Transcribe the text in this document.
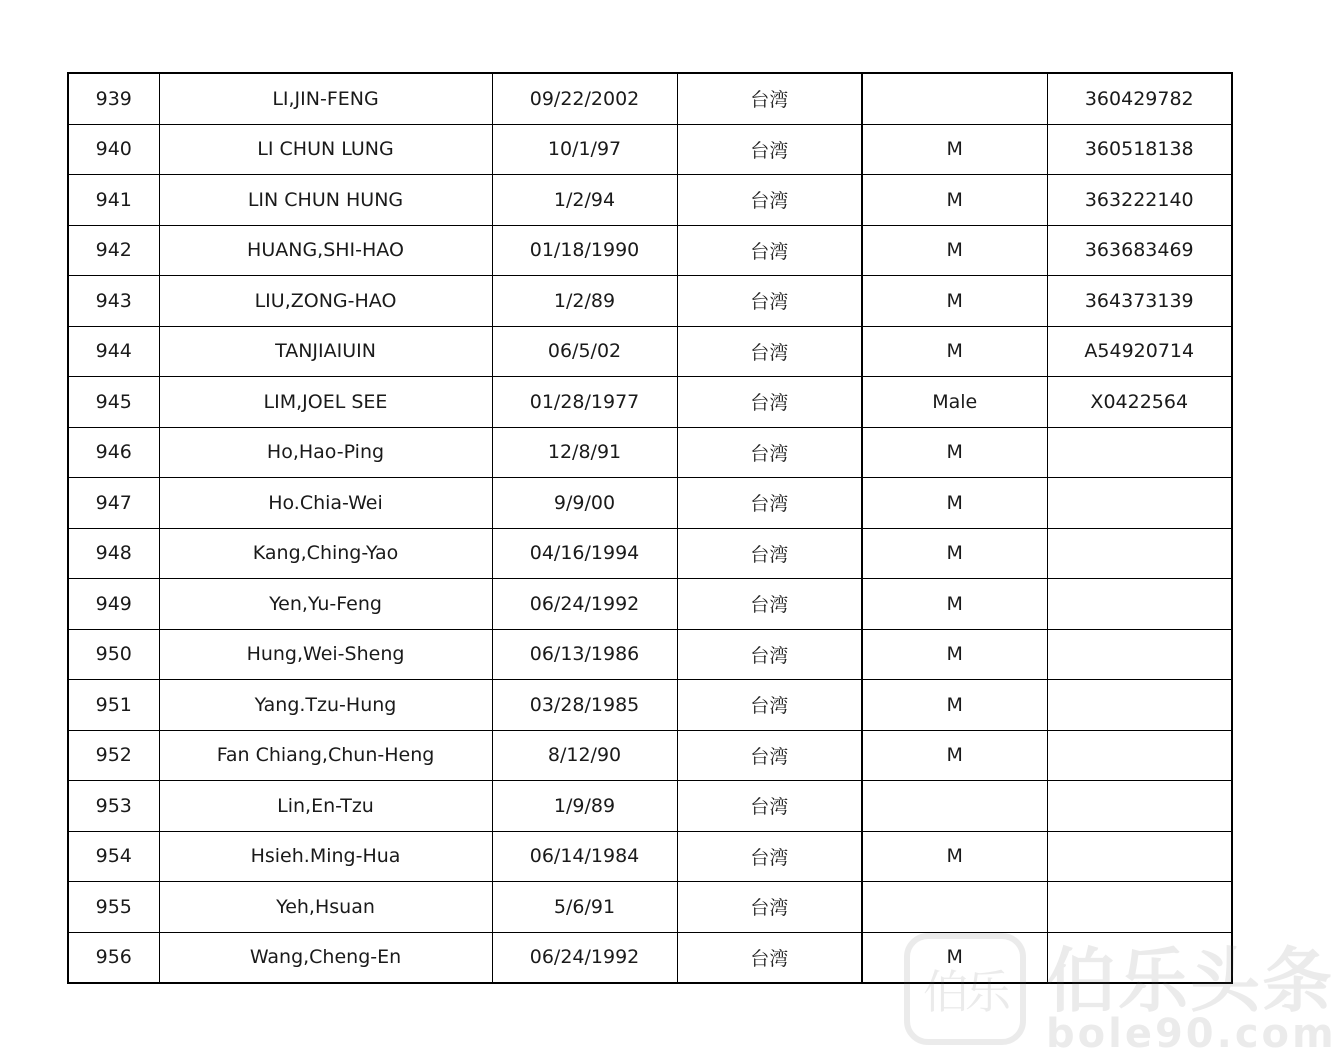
939	LI,JIN-FENG	09/22/2002	台湾		360429782
940	LI CHUN LUNG	10/1/97	台湾	M	360518138
941	LIN CHUN HUNG	1/2/94	台湾	M	363222140
942	HUANG,SHI-HAO	01/18/1990	台湾	M	363683469
943	LIU,ZONG-HAO	1/2/89	台湾	M	364373139
944	TANJIAIUIN	06/5/02	台湾	M	A54920714
945	LIM,JOEL SEE	01/28/1977	台湾	Male	X0422564
946	Ho,Hao-Ping	12/8/91	台湾	M	
947	Ho.Chia-Wei	9/9/00	台湾	M	
948	Kang,Ching-Yao	04/16/1994	台湾	M	
949	Yen,Yu-Feng	06/24/1992	台湾	M	
950	Hung,Wei-Sheng	06/13/1986	台湾	M	
951	Yang.Tzu-Hung	03/28/1985	台湾	M	
952	Fan Chiang,Chun-Heng	8/12/90	台湾	M	
953	Lin,En-Tzu	1/9/89	台湾		
954	Hsieh.Ming-Hua	06/14/1984	台湾	M	
955	Yeh,Hsuan	5/6/91	台湾		
956	Wang,Cheng-En	06/24/1992	台湾	M	
伯乐 伯乐头条
bole90.com
